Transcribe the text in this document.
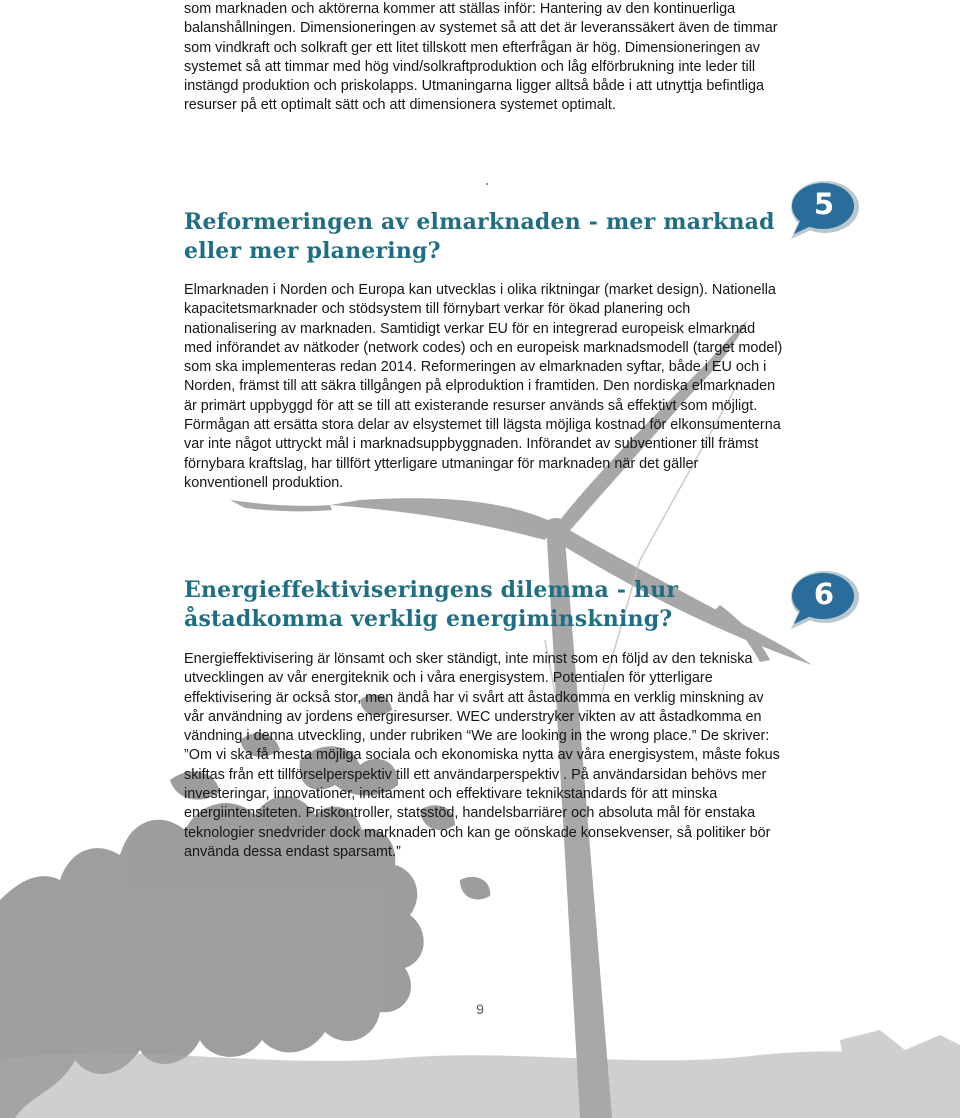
som marknaden och aktörerna kommer att ställas inför: Hantering av den kontinuerliga balanshållningen. Dimensioneringen av systemet så att det är leveranssäkert även de timmar som vindkraft och solkraft ger ett litet tillskott men efterfrågan är hög. Dimensioneringen av systemet så att timmar med hög vind/solkraftproduktion och låg elförbrukning inte leder till instängd produktion och priskolapps. Utmaningarna ligger alltså både i att utnyttja befintliga resurser på ett optimalt sätt och att dimensionera systemet optimalt.

Reformeringen av elmarknaden - mer marknad eller mer planering?
5

Elmarknaden i Norden och Europa kan utvecklas i olika riktningar (market design). Nationella kapacitetsmarknader och stödsystem till förnybart verkar för ökad planering och nationalisering av marknaden. Samtidigt verkar EU för en integrerad europeisk elmarknad med införandet av nätkoder (network codes) och en europeisk marknadsmodell (target model) som ska implementeras redan 2014. Reformeringen av elmarknaden syftar, både i EU och i Norden, främst till att säkra tillgången på elproduktion i framtiden. Den nordiska elmarknaden är primärt uppbyggd för att se till att existerande resurser används så effektivt som möjligt. Förmågan att ersätta stora delar av elsystemet till lägsta möjliga kostnad för elkonsumenterna var inte något uttryckt mål i marknadsuppbyggnaden. Införandet av subventioner till främst förnybara kraftslag, har tillfört ytterligare utmaningar för marknaden när det gäller konventionell produktion.

Energieffektiviseringens dilemma - hur åstadkomma verklig energiminskning?
6

Energieffektivisering är lönsamt och sker ständigt, inte minst som en följd av den tekniska utvecklingen av vår energiteknik och i våra energisystem. Potentialen för ytterligare effektivisering är också stor, men ändå har vi svårt att åstadkomma en verklig minskning av vår användning av jordens energiresurser. WEC understryker vikten av att åstadkomma en vändning i denna utveckling, under rubriken “We are looking in the wrong place.” De skriver: ”Om vi ska få mesta möjliga sociala och ekonomiska nytta av våra energisystem, måste fokus skiftas från ett tillförselperspektiv till ett användarperspektiv . På användarsidan behövs mer investeringar, innovationer, incitament och effektivare teknikstandards för att minska energiintensiteten. Priskontroller, statsstöd, handelsbarriärer och absoluta mål för enstaka teknologier snedvrider dock marknaden och kan ge oönskade konsekvenser, så politiker bör använda dessa endast sparsamt.”

9
